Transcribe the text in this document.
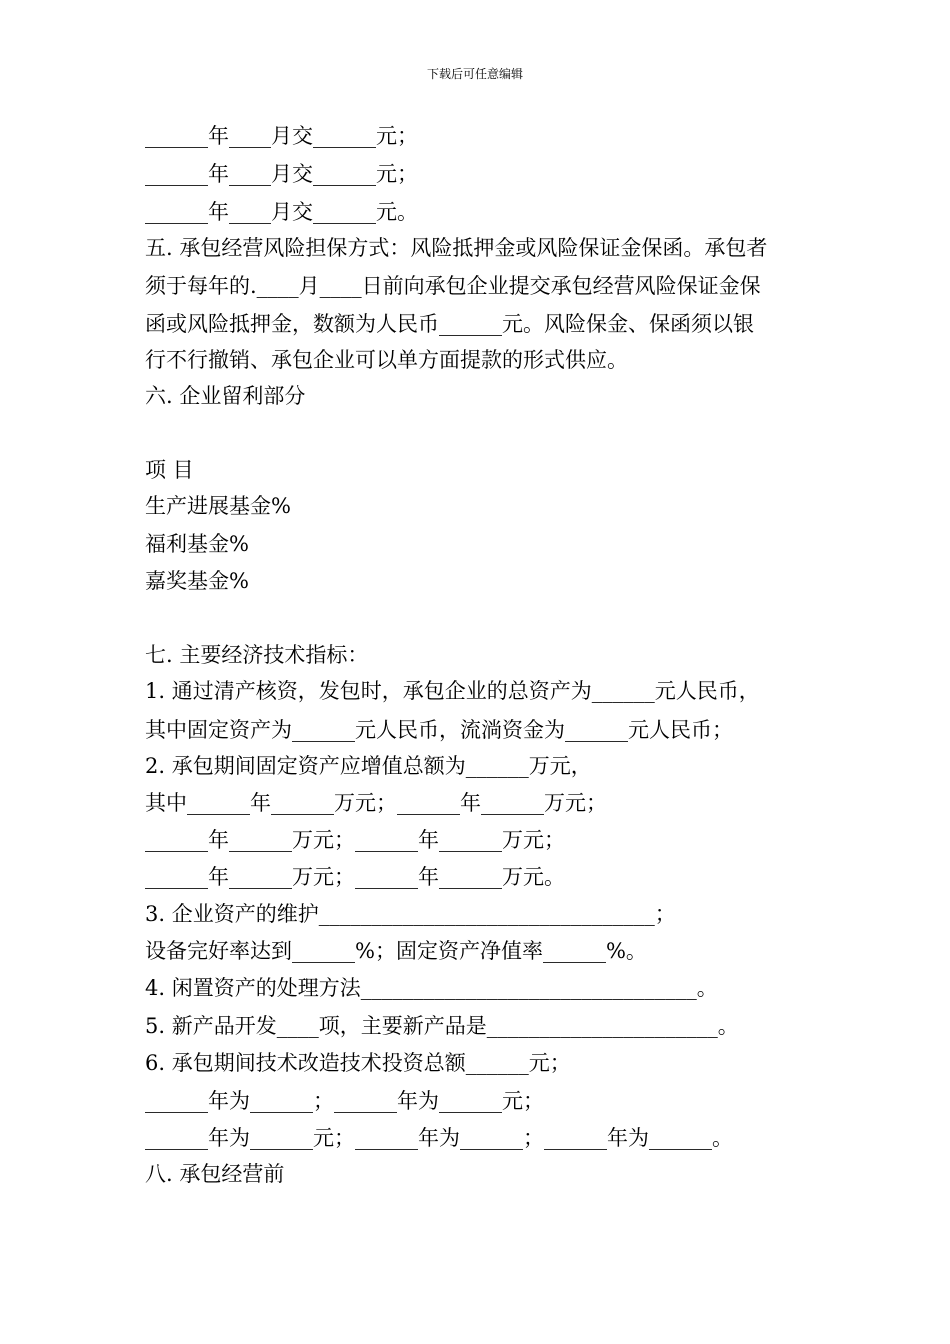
下载后可任意编辑
______年____月交______元；
______年____月交______元；
______年____月交______元。
五. 承包经营风险担保方式：风险抵押金或风险保证金保函。承包者
须于每年的.____月____日前向承包企业提交承包经营风险保证金保
函或风险抵押金，数额为人民币______元。风险保金、保函须以银
行不行撤销、承包企业可以单方面提款的形式供应。
六. 企业留利部分
项 目
生产进展基金%
福利基金%
嘉奖基金%
七. 主要经济技术指标：
1. 通过清产核资，发包时，承包企业的总资产为______元人民币，
其中固定资产为______元人民币，流淌资金为______元人民币；
2. 承包期间固定资产应增值总额为______万元，
其中______年______万元；______年______万元；
______年______万元；______年______万元；
______年______万元；______年______万元。
3. 企业资产的维护________________________________；
设备完好率达到______%；固定资产净值率______%。
4. 闲置资产的处理方法________________________________。
5. 新产品开发____项，主要新产品是______________________。
6. 承包期间技术改造技术投资总额______元；
______年为______；______年为______元；
______年为______元；______年为______；______年为______。
八. 承包经营前
